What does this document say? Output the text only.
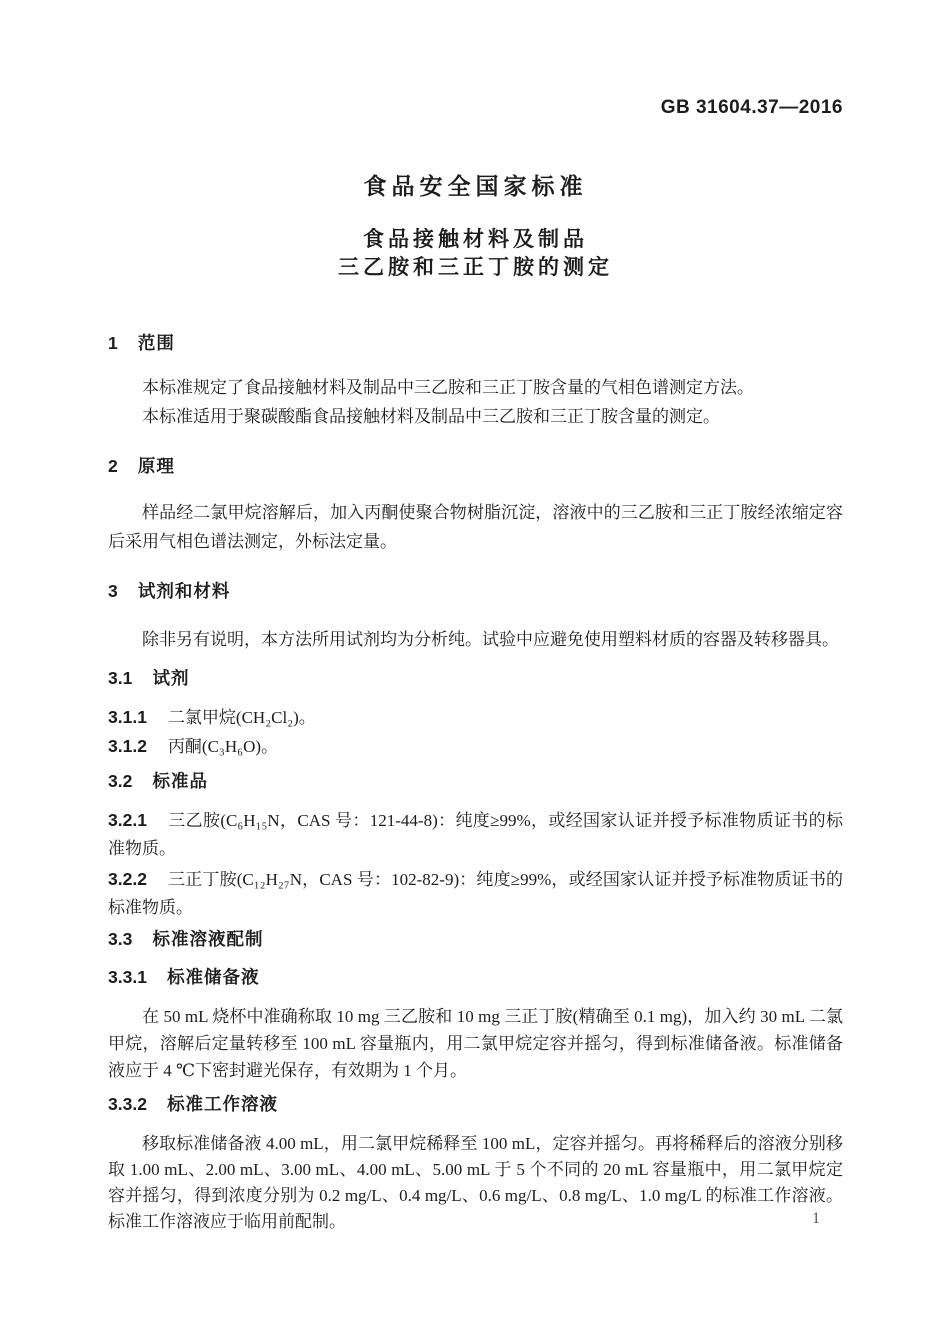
GB 31604.37—2016
食品安全国家标准
食品接触材料及制品
三乙胺和三正丁胺的测定
1 范围

本标准规定了食品接触材料及制品中三乙胺和三正丁胺含量的气相色谱测定方法。

本标准适用于聚碳酸酯食品接触材料及制品中三乙胺和三正丁胺含量的测定。

2 原理

样品经二氯甲烷溶解后，加入丙酮使聚合物树脂沉淀，溶液中的三乙胺和三正丁胺经浓缩定容后采用气相色谱法测定，外标法定量。

3 试剂和材料

除非另有说明，本方法所用试剂均为分析纯。试验中应避免使用塑料材质的容器及转移器具。

3.1 试剂

3.1.1 二氯甲烷(CH₂Cl₂)。

3.1.2 丙酮(C₃H₆O)。

3.2 标准品

3.2.1 三乙胺(C₆H₁₅N，CAS 号：121-44-8)：纯度≥99%，或经国家认证并授予标准物质证书的标准物质。

3.2.2 三正丁胺(C₁₂H₂₇N，CAS 号：102-82-9)：纯度≥99%，或经国家认证并授予标准物质证书的标准物质。

3.3 标准溶液配制
3.3.1 标准储备液

在 50 mL 烧杯中准确称取 10 mg 三乙胺和 10 mg 三正丁胺(精确至 0.1 mg)，加入约 30 mL 二氯甲烷，溶解后定量转移至 100 mL 容量瓶内，用二氯甲烷定容并摇匀，得到标准储备液。标准储备液应于 4 ℃下密封避光保存，有效期为 1 个月。

3.3.2 标准工作溶液

移取标准储备液 4.00 mL，用二氯甲烷稀释至 100 mL，定容并摇匀。再将稀释后的溶液分别移取 1.00 mL、2.00 mL、3.00 mL、4.00 mL、5.00 mL 于 5 个不同的 20 mL 容量瓶中，用二氯甲烷定容并摇匀，得到浓度分别为 0.2 mg/L、0.4 mg/L、0.6 mg/L、0.8 mg/L、1.0 mg/L 的标准工作溶液。标准工作溶液应于临用前配制。	1
